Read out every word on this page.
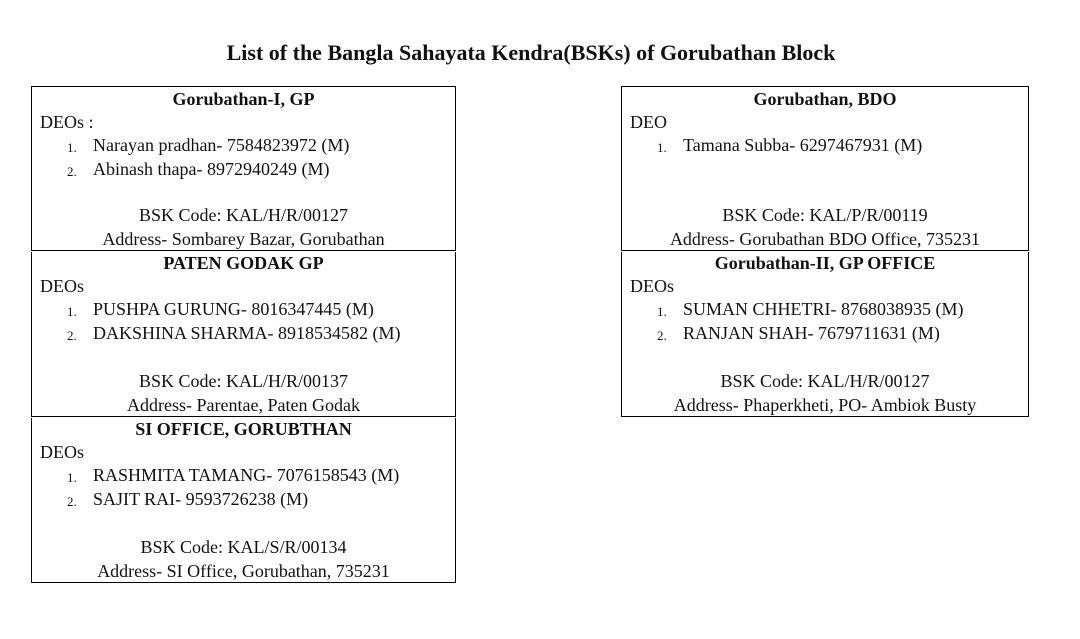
List of the Bangla Sahayata Kendra(BSKs) of Gorubathan Block
Gorubathan-I, GP
DEOs :
1. Narayan pradhan- 7584823972 (M)
2. Abinash thapa- 8972940249 (M)
BSK Code: KAL/H/R/00127
Address- Sombarey Bazar, Gorubathan
PATEN GODAK GP
DEOs
1. PUSHPA GURUNG- 8016347445 (M)
2. DAKSHINA SHARMA- 8918534582 (M)
BSK Code: KAL/H/R/00137
Address- Parentae, Paten Godak
SI OFFICE, GORUBTHAN
DEOs
1. RASHMITA TAMANG- 7076158543 (M)
2. SAJIT RAI- 9593726238 (M)
BSK Code: KAL/S/R/00134
Address- SI Office, Gorubathan, 735231
Gorubathan, BDO
DEO
1. Tamana Subba- 6297467931 (M)
BSK Code: KAL/P/R/00119
Address- Gorubathan BDO Office, 735231
Gorubathan-II, GP OFFICE
DEOs
1. SUMAN CHHETRI- 8768038935 (M)
2. RANJAN SHAH- 7679711631 (M)
BSK Code: KAL/H/R/00127
Address- Phaperkheti, PO- Ambiok Busty
